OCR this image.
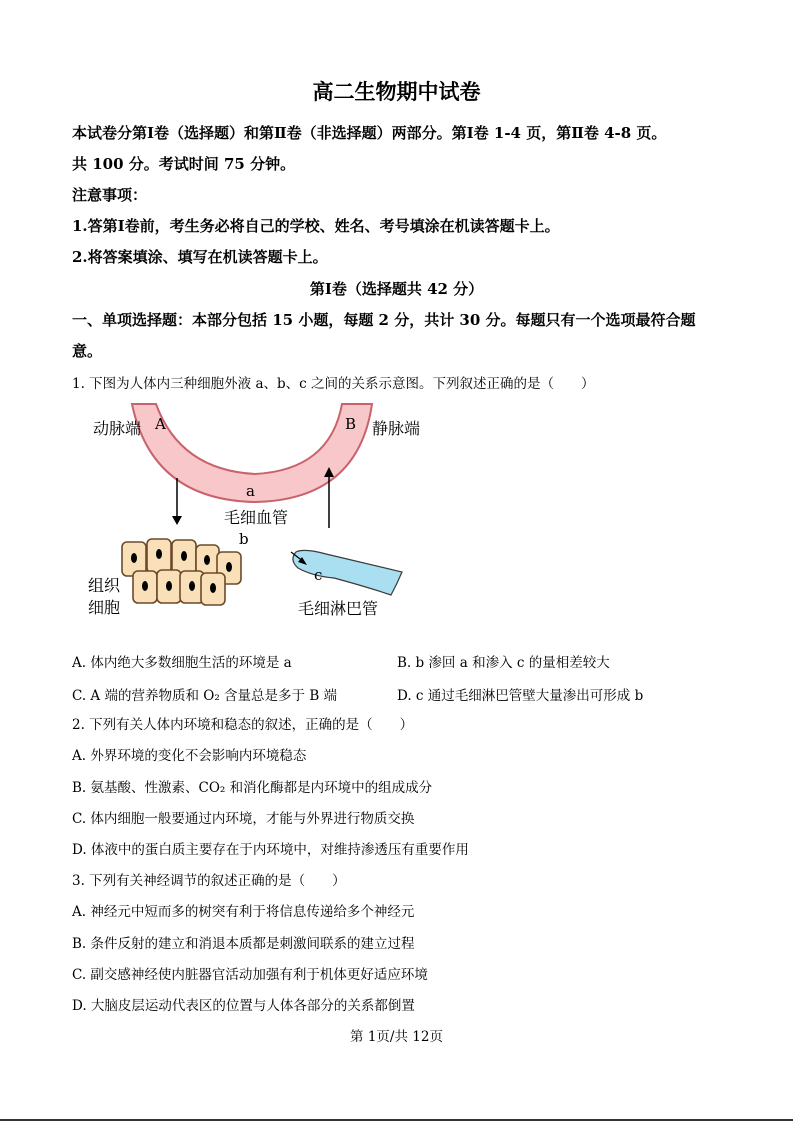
高二生物期中试卷
本试卷分第Ⅰ卷（选择题）和第Ⅱ卷（非选择题）两部分。第Ⅰ卷 1-4 页，第Ⅱ卷 4-8 页。
共 100 分。考试时间 75 分钟。
注意事项：
1.答第Ⅰ卷前，考生务必将自己的学校、姓名、考号填涂在机读答题卡上。
2.将答案填涂、填写在机读答题卡上。
第Ⅰ卷（选择题共 42 分）
一、单项选择题：本部分包括 15 小题，每题 2 分，共计 30 分。每题只有一个选项最符合题
意。
1. 下图为人体内三种细胞外液 a、b、c 之间的关系示意图。下列叙述正确的是（　　）
动脉端	静脉端
A	B
a
毛细血管
b
组织
细胞
c
毛细淋巴管
A. 体内绝大多数细胞生活的环境是 a	B. b 渗回 a 和渗入 c 的量相差较大
C. A 端的营养物质和 O₂ 含量总是多于 B 端	D. c 通过毛细淋巴管壁大量渗出可形成 b
2. 下列有关人体内环境和稳态的叙述，正确的是（　　）
A. 外界环境的变化不会影响内环境稳态
B. 氨基酸、性激素、CO₂ 和消化酶都是内环境中的组成成分
C. 体内细胞一般要通过内环境，才能与外界进行物质交换
D. 体液中的蛋白质主要存在于内环境中，对维持渗透压有重要作用
3. 下列有关神经调节的叙述正确的是（　　）
A. 神经元中短而多的树突有利于将信息传递给多个神经元
B. 条件反射的建立和消退本质都是刺激间联系的建立过程
C. 副交感神经使内脏器官活动加强有利于机体更好适应环境
D. 大脑皮层运动代表区的位置与人体各部分的关系都倒置
第 1页/共 12页
